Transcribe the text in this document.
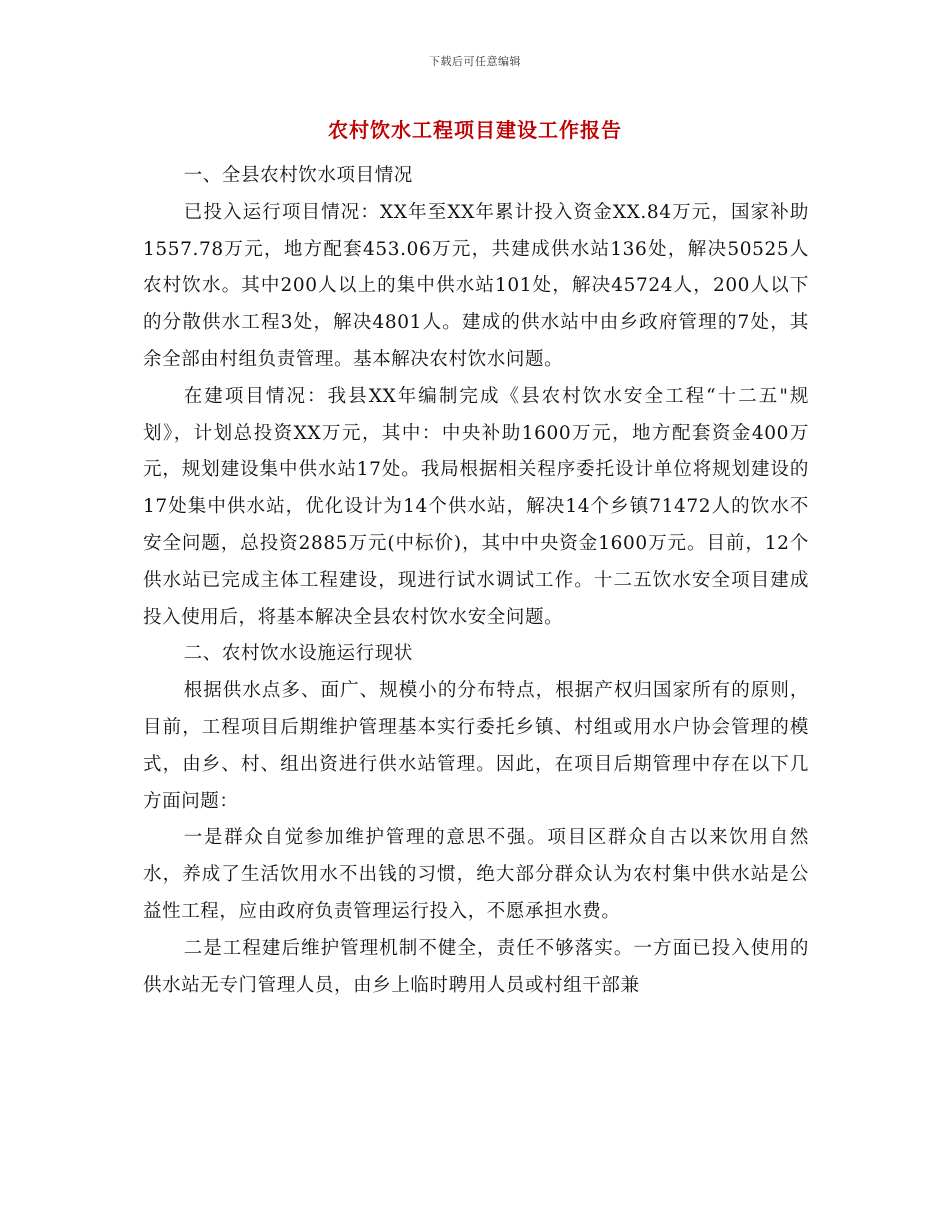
下载后可任意编辑
农村饮水工程项目建设工作报告

一、全县农村饮水项目情况

已投入运行项目情况：XX年至XX年累计投入资金XX.84万元，国家补助1557.78万元，地方配套453.06万元，共建成供水站136处，解决50525人农村饮水。其中200人以上的集中供水站101处，解决45724人，200人以下的分散供水工程3处，解决4801人。建成的供水站中由乡政府管理的7处，其余全部由村组负责管理。基本解决农村饮水问题。

在建项目情况：我县XX年编制完成《县农村饮水安全工程“十二五"规划》，计划总投资XX万元，其中：中央补助1600万元，地方配套资金400万元，规划建设集中供水站17处。我局根据相关程序委托设计单位将规划建设的17处集中供水站，优化设计为14个供水站，解决14个乡镇71472人的饮水不安全问题，总投资2885万元(中标价)，其中中央资金1600万元。目前，12个供水站已完成主体工程建设，现进行试水调试工作。十二五饮水安全项目建成投入使用后，将基本解决全县农村饮水安全问题。

二、农村饮水设施运行现状

根据供水点多、面广、规模小的分布特点，根据产权归国家所有的原则，目前，工程项目后期维护管理基本实行委托乡镇、村组或用水户协会管理的模式，由乡、村、组出资进行供水站管理。因此，在项目后期管理中存在以下几方面问题：

一是群众自觉参加维护管理的意思不强。项目区群众自古以来饮用自然水，养成了生活饮用水不出钱的习惯，绝大部分群众认为农村集中供水站是公益性工程，应由政府负责管理运行投入，不愿承担水费。

二是工程建后维护管理机制不健全，责任不够落实。一方面已投入使用的供水站无专门管理人员，由乡上临时聘用人员或村组干部兼
